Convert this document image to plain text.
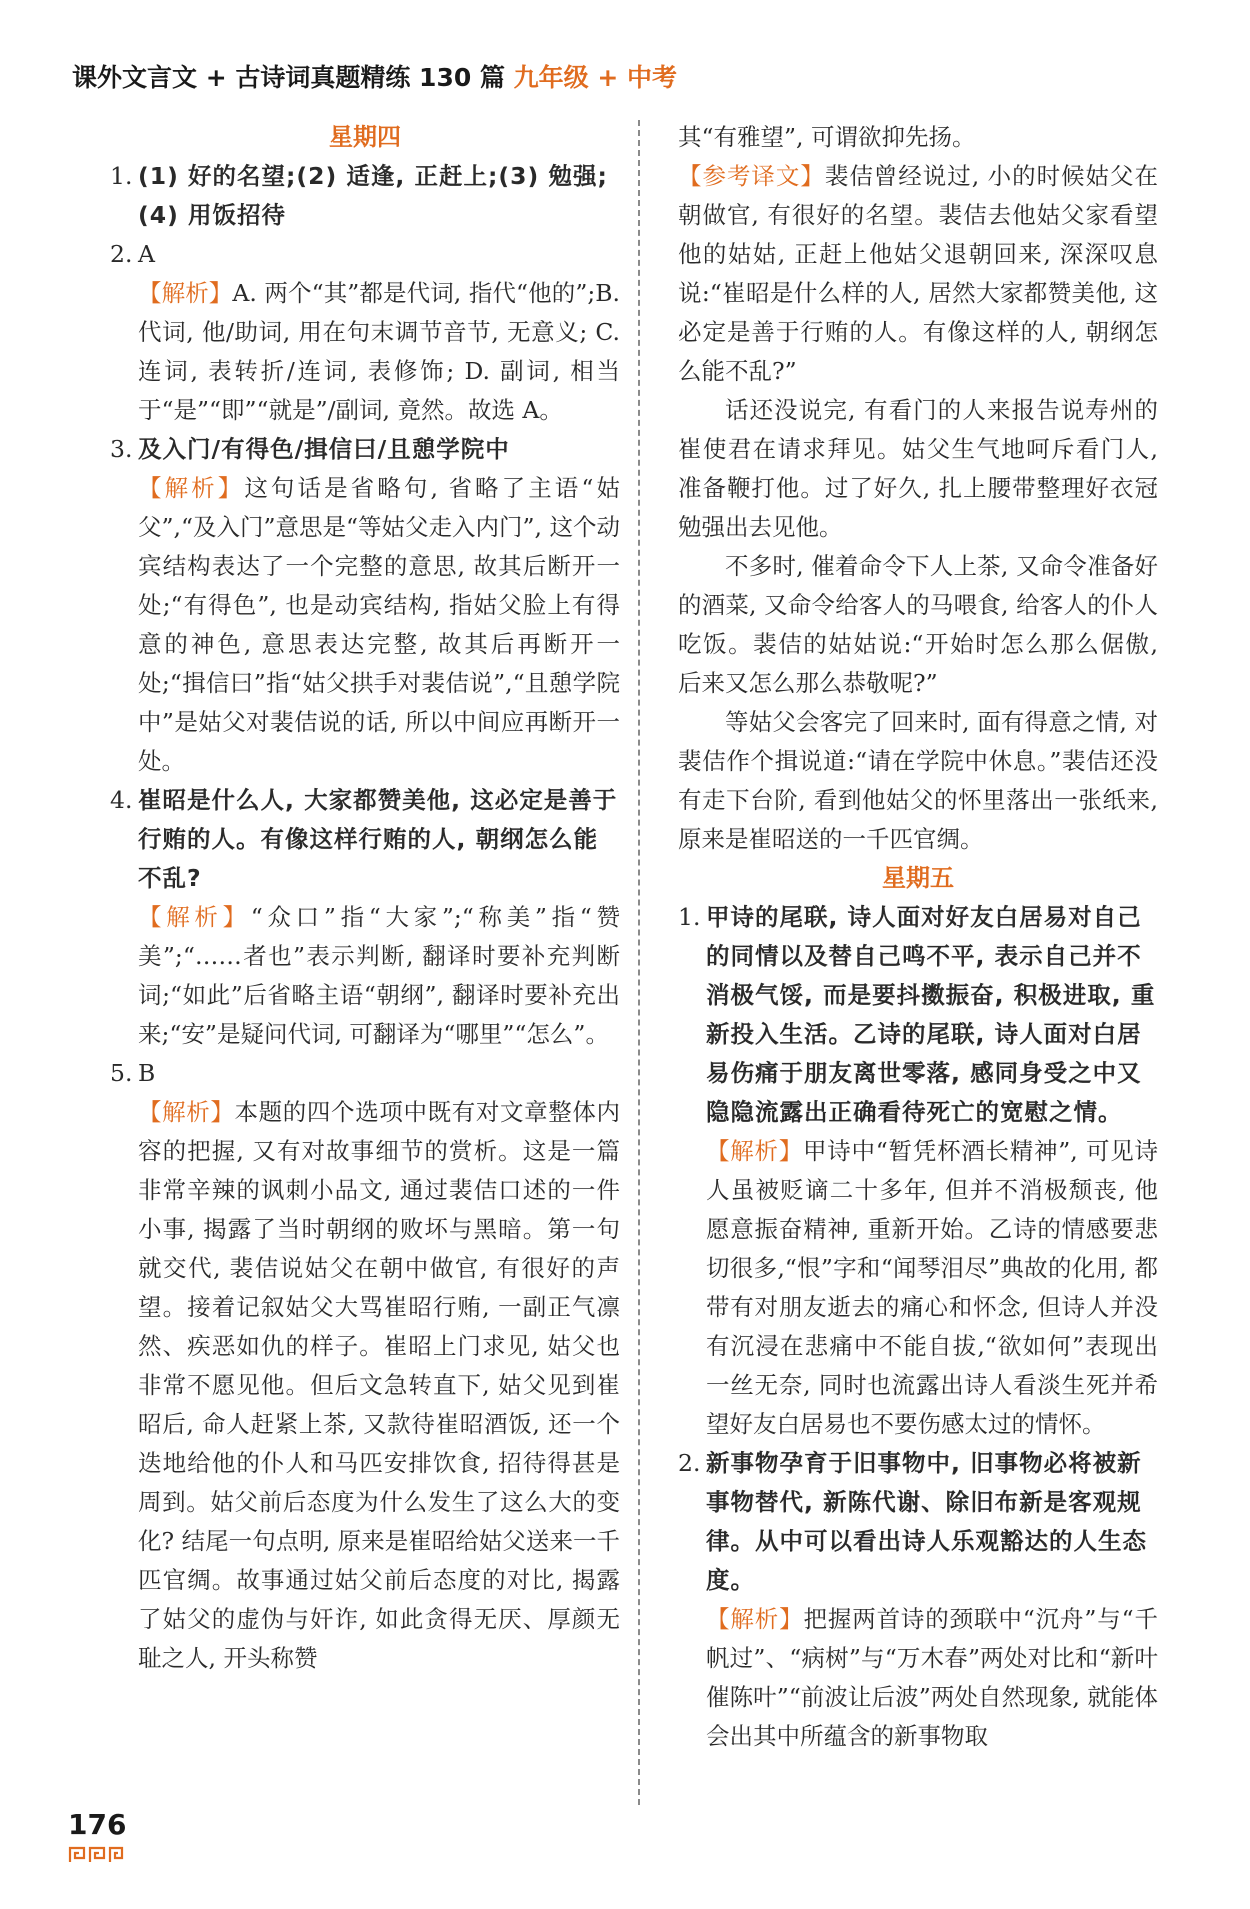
课外文言文 + 古诗词真题精练 130 篇 九年级 + 中考
星期四
1. (1) 好的名望;(2) 适逢, 正赶上;(3) 勉强;(4) 用饭招待
2. A
【解析】A. 两个“其”都是代词, 指代“他的”;B. 代词, 他/助词, 用在句末调节音节, 无意义; C. 连词, 表转折/连词, 表修饰; D. 副词, 相当于“是”“即”“就是”/副词, 竟然。故选 A。
3. 及入门/有得色/揖信曰/且憩学院中
【解析】这句话是省略句, 省略了主语“姑父”,“及入门”意思是“等姑父走入内门”, 这个动宾结构表达了一个完整的意思, 故其后断开一处;“有得色”, 也是动宾结构, 指姑父脸上有得意的神色, 意思表达完整, 故其后再断开一处;“揖信曰”指“姑父拱手对裴佶说”,“且憩学院中”是姑父对裴佶说的话, 所以中间应再断开一处。
4. 崔昭是什么人, 大家都赞美他, 这必定是善于行贿的人。有像这样行贿的人, 朝纲怎么能不乱?
【解析】“众口”指“大家”;“称美”指“赞美”;“……者也”表示判断, 翻译时要补充判断词;“如此”后省略主语“朝纲”, 翻译时要补充出来;“安”是疑问代词, 可翻译为“哪里”“怎么”。
5. B
【解析】本题的四个选项中既有对文章整体内容的把握, 又有对故事细节的赏析。这是一篇非常辛辣的讽刺小品文, 通过裴佶口述的一件小事, 揭露了当时朝纲的败坏与黑暗。第一句就交代, 裴佶说姑父在朝中做官, 有很好的声望。接着记叙姑父大骂崔昭行贿, 一副正气凛然、疾恶如仇的样子。崔昭上门求见, 姑父也非常不愿见他。但后文急转直下, 姑父见到崔昭后, 命人赶紧上茶, 又款待崔昭酒饭, 还一个迭地给他的仆人和马匹安排饮食, 招待得甚是周到。姑父前后态度为什么发生了这么大的变化? 结尾一句点明, 原来是崔昭给姑父送来一千匹官绸。故事通过姑父前后态度的对比, 揭露了姑父的虚伪与奸诈, 如此贪得无厌、厚颜无耻之人, 开头称赞
其“有雅望”, 可谓欲抑先扬。
【参考译文】裴佶曾经说过, 小的时候姑父在朝做官, 有很好的名望。裴佶去他姑父家看望他的姑姑, 正赶上他姑父退朝回来, 深深叹息说:“崔昭是什么样的人, 居然大家都赞美他, 这必定是善于行贿的人。有像这样的人, 朝纲怎么能不乱?”
话还没说完, 有看门的人来报告说寿州的崔使君在请求拜见。姑父生气地呵斥看门人, 准备鞭打他。过了好久, 扎上腰带整理好衣冠勉强出去见他。
不多时, 催着命令下人上茶, 又命令准备好的酒菜, 又命令给客人的马喂食, 给客人的仆人吃饭。裴佶的姑姑说:“开始时怎么那么倨傲, 后来又怎么那么恭敬呢?”
等姑父会客完了回来时, 面有得意之情, 对裴佶作个揖说道:“请在学院中休息。”裴佶还没有走下台阶, 看到他姑父的怀里落出一张纸来, 原来是崔昭送的一千匹官绸。
星期五
1. 甲诗的尾联, 诗人面对好友白居易对自己的同情以及替自己鸣不平, 表示自己并不消极气馁, 而是要抖擞振奋, 积极进取, 重新投入生活。乙诗的尾联, 诗人面对白居易伤痛于朋友离世零落, 感同身受之中又隐隐流露出正确看待死亡的宽慰之情。
【解析】甲诗中“暂凭杯酒长精神”, 可见诗人虽被贬谪二十多年, 但并不消极颓丧, 他愿意振奋精神, 重新开始。乙诗的情感要悲切很多,“恨”字和“闻琴泪尽”典故的化用, 都带有对朋友逝去的痛心和怀念, 但诗人并没有沉浸在悲痛中不能自拔,“欲如何”表现出一丝无奈, 同时也流露出诗人看淡生死并希望好友白居易也不要伤感太过的情怀。
2. 新事物孕育于旧事物中, 旧事物必将被新事物替代, 新陈代谢、除旧布新是客观规律。从中可以看出诗人乐观豁达的人生态度。
【解析】把握两首诗的颈联中“沉舟”与“千帆过”、“病树”与“万木春”两处对比和“新叶催陈叶”“前波让后波”两处自然现象, 就能体会出其中所蕴含的新事物取
176
